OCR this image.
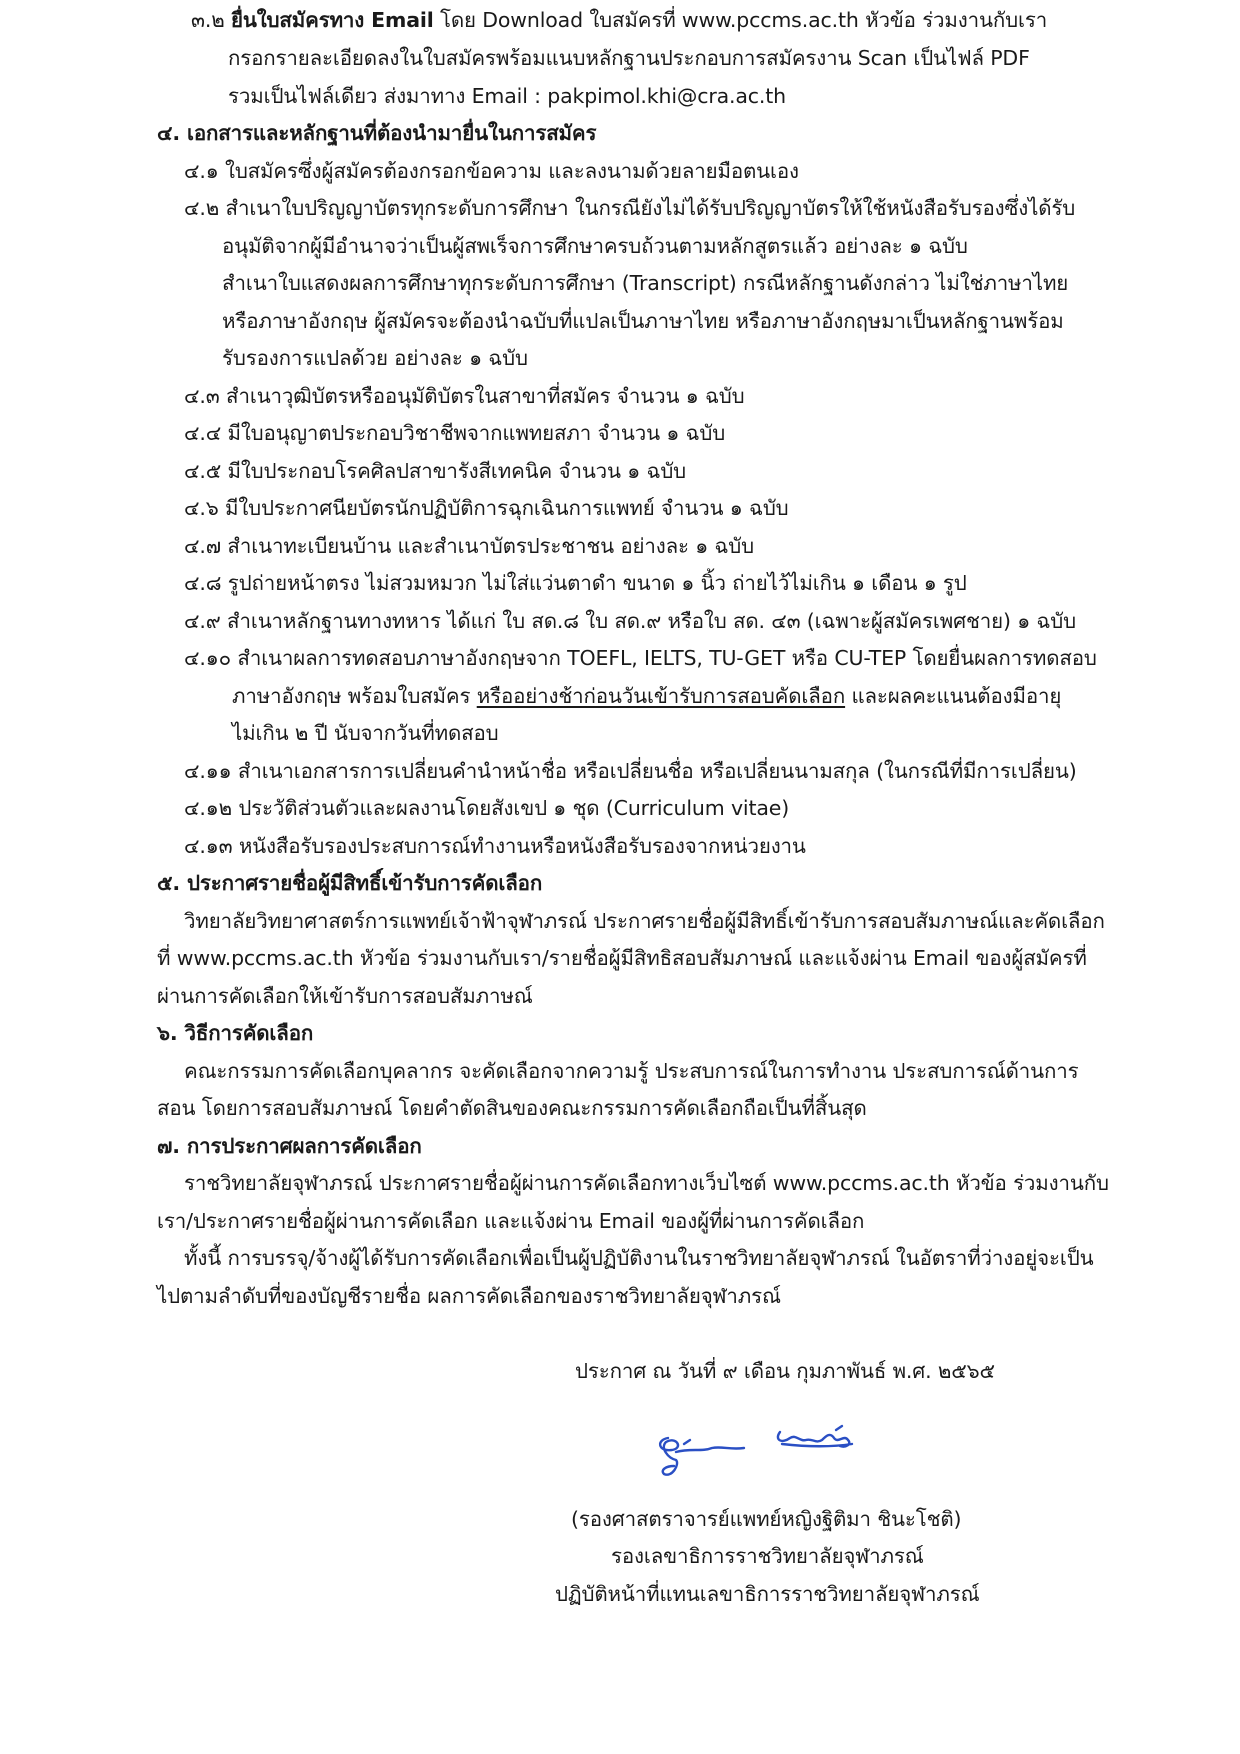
๓.๒ ยื่นใบสมัครทาง Email โดย Download ใบสมัครที่ www.pccms.ac.th หัวข้อ ร่วมงานกับเรา
กรอกรายละเอียดลงในใบสมัครพร้อมแนบหลักฐานประกอบการสมัครงาน Scan เป็นไฟล์ PDF
รวมเป็นไฟล์เดียว ส่งมาทาง Email : pakpimol.khi@cra.ac.th
๔. เอกสารและหลักฐานที่ต้องนำมายื่นในการสมัคร
๔.๑ ใบสมัครซึ่งผู้สมัครต้องกรอกข้อความ และลงนามด้วยลายมือตนเอง
๔.๒ สำเนาใบปริญญาบัตรทุกระดับการศึกษา ในกรณียังไม่ได้รับปริญญาบัตรให้ใช้หนังสือรับรองซึ่งได้รับ
อนุมัติจากผู้มีอำนาจว่าเป็นผู้สพเร็จการศึกษาครบถ้วนตามหลักสูตรแล้ว อย่างละ ๑ ฉบับ
สำเนาใบแสดงผลการศึกษาทุกระดับการศึกษา (Transcript) กรณีหลักฐานดังกล่าว ไม่ใช่ภาษาไทย
หรือภาษาอังกฤษ ผู้สมัครจะต้องนำฉบับที่แปลเป็นภาษาไทย หรือภาษาอังกฤษมาเป็นหลักฐานพร้อม
รับรองการแปลด้วย อย่างละ ๑ ฉบับ
๔.๓ สำเนาวุฒิบัตรหรืออนุมัติบัตรในสาขาที่สมัคร จำนวน ๑ ฉบับ
๔.๔ มีใบอนุญาตประกอบวิชาชีพจากแพทยสภา จำนวน ๑ ฉบับ
๔.๕ มีใบประกอบโรคศิลปสาขารังสีเทคนิค จำนวน ๑ ฉบับ
๔.๖ มีใบประกาศนียบัตรนักปฏิบัติการฉุกเฉินการแพทย์ จำนวน ๑ ฉบับ
๔.๗ สำเนาทะเบียนบ้าน และสำเนาบัตรประชาชน อย่างละ ๑ ฉบับ
๔.๘ รูปถ่ายหน้าตรง ไม่สวมหมวก ไม่ใส่แว่นตาดำ ขนาด ๑ นิ้ว ถ่ายไว้ไม่เกิน ๑ เดือน ๑ รูป
๔.๙ สำเนาหลักฐานทางทหาร ได้แก่ ใบ สด.๘ ใบ สด.๙ หรือใบ สด. ๔๓ (เฉพาะผู้สมัครเพศชาย) ๑ ฉบับ
๔.๑๐ สำเนาผลการทดสอบภาษาอังกฤษจาก TOEFL, IELTS, TU-GET หรือ CU-TEP โดยยื่นผลการทดสอบ
ภาษาอังกฤษ พร้อมใบสมัคร หรืออย่างช้าก่อนวันเข้ารับการสอบคัดเลือก และผลคะแนนต้องมีอายุ
ไม่เกิน ๒ ปี นับจากวันที่ทดสอบ
๔.๑๑ สำเนาเอกสารการเปลี่ยนคำนำหน้าชื่อ หรือเปลี่ยนชื่อ หรือเปลี่ยนนามสกุล (ในกรณีที่มีการเปลี่ยน)
๔.๑๒ ประวัติส่วนตัวและผลงานโดยสังเขป ๑ ชุด (Curriculum vitae)
๔.๑๓ หนังสือรับรองประสบการณ์ทำงานหรือหนังสือรับรองจากหน่วยงาน
๕. ประกาศรายชื่อผู้มีสิทธิ์เข้ารับการคัดเลือก
วิทยาลัยวิทยาศาสตร์การแพทย์เจ้าฟ้าจุฬาภรณ์ ประกาศรายชื่อผู้มีสิทธิ์เข้ารับการสอบสัมภาษณ์และคัดเลือก
ที่ www.pccms.ac.th หัวข้อ ร่วมงานกับเรา/รายชื่อผู้มีสิทธิสอบสัมภาษณ์ และแจ้งผ่าน Email ของผู้สมัครที่
ผ่านการคัดเลือกให้เข้ารับการสอบสัมภาษณ์
๖. วิธีการคัดเลือก
คณะกรรมการคัดเลือกบุคลากร จะคัดเลือกจากความรู้ ประสบการณ์ในการทำงาน ประสบการณ์ด้านการ
สอน โดยการสอบสัมภาษณ์ โดยคำตัดสินของคณะกรรมการคัดเลือกถือเป็นที่สิ้นสุด
๗. การประกาศผลการคัดเลือก
ราชวิทยาลัยจุฬาภรณ์ ประกาศรายชื่อผู้ผ่านการคัดเลือกทางเว็บไซต์ www.pccms.ac.th หัวข้อ ร่วมงานกับ
เรา/ประกาศรายชื่อผู้ผ่านการคัดเลือก และแจ้งผ่าน Email ของผู้ที่ผ่านการคัดเลือก
ทั้งนี้ การบรรจุ/จ้างผู้ได้รับการคัดเลือกเพื่อเป็นผู้ปฏิบัติงานในราชวิทยาลัยจุฬาภรณ์ ในอัตราที่ว่างอยู่จะเป็น
ไปตามลำดับที่ของบัญชีรายชื่อ ผลการคัดเลือกของราชวิทยาลัยจุฬาภรณ์
ประกาศ ณ วันที่ ๙ เดือน กุมภาพันธ์ พ.ศ. ๒๕๖๕
(รองศาสตราจารย์แพทย์หญิงฐิติมา ชินะโชติ)
รองเลขาธิการราชวิทยาลัยจุฬาภรณ์
ปฏิบัติหน้าที่แทนเลขาธิการราชวิทยาลัยจุฬาภรณ์
